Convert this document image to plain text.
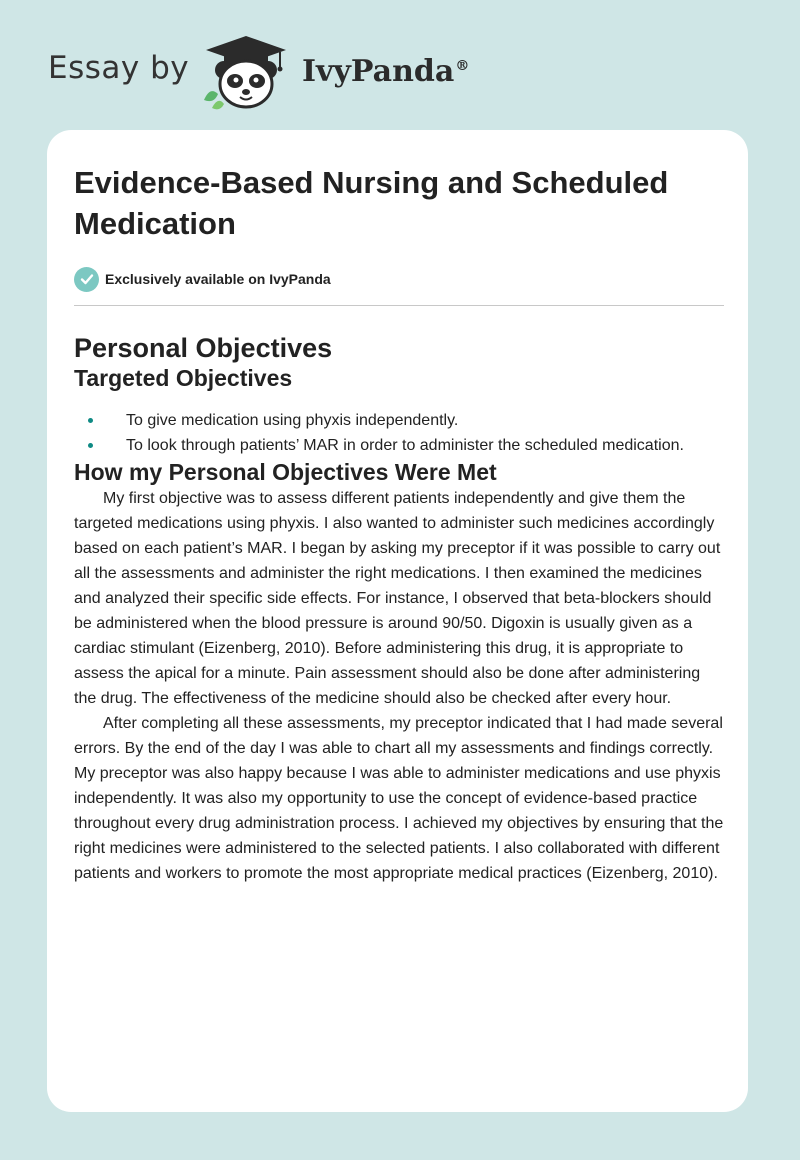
Essay by	IvyPanda®
Evidence-Based Nursing and Scheduled Medication
Exclusively available on IvyPanda
Personal Objectives
Targeted Objectives
To give medication using phyxis independently.
To look through patients’ MAR in order to administer the scheduled medication.
How my Personal Objectives Were Met

My first objective was to assess different patients independently and give them the targeted medications using phyxis. I also wanted to administer such medicines accordingly based on each patient’s MAR. I began by asking my preceptor if it was possible to carry out all the assessments and administer the right medications. I then examined the medicines and analyzed their specific side effects. For instance, I observed that beta-blockers should be administered when the blood pressure is around 90/50. Digoxin is usually given as a cardiac stimulant (Eizenberg, 2010). Before administering this drug, it is appropriate to assess the apical for a minute. Pain assessment should also be done after administering the drug. The effectiveness of the medicine should also be checked after every hour.

After completing all these assessments, my preceptor indicated that I had made several errors. By the end of the day I was able to chart all my assessments and findings correctly. My preceptor was also happy because I was able to administer medications and use phyxis independently. It was also my opportunity to use the concept of evidence-based practice throughout every drug administration process. I achieved my objectives by ensuring that the right medicines were administered to the selected patients. I also collaborated with different patients and workers to promote the most appropriate medical practices (Eizenberg, 2010).
